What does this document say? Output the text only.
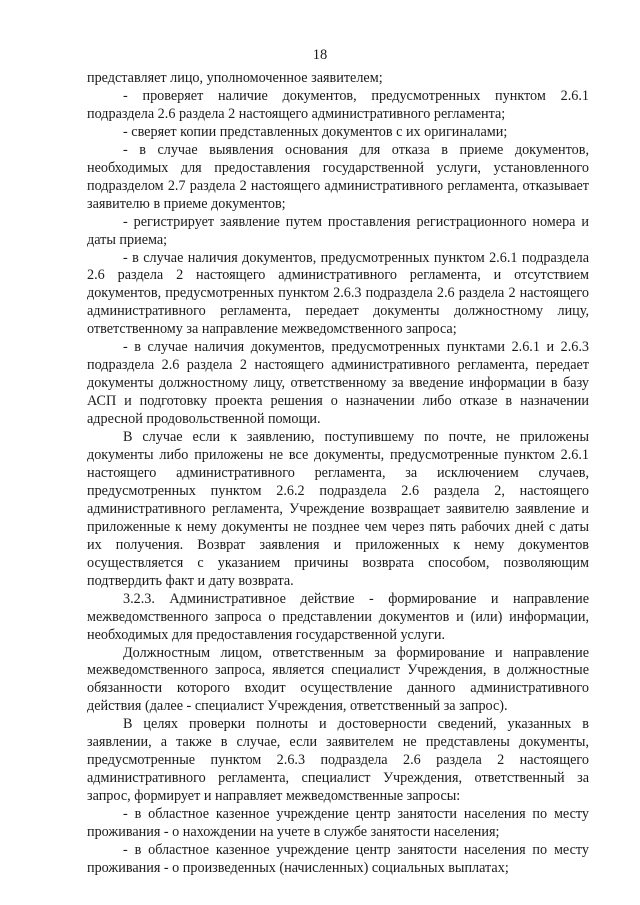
18

представляет лицо, уполномоченное заявителем;

- проверяет наличие документов, предусмотренных пунктом 2.6.1 подраздела 2.6 раздела 2 настоящего административного регламента;

- сверяет копии представленных документов с их оригиналами;

- в случае выявления основания для отказа в приеме документов, необходимых для предоставления государственной услуги, установленного подразделом 2.7 раздела 2 настоящего административного регламента, отказывает заявителю в приеме документов;

- регистрирует заявление путем проставления регистрационного номера и даты приема;

- в случае наличия документов, предусмотренных пунктом 2.6.1 подраздела 2.6 раздела 2 настоящего административного регламента, и отсутствием документов, предусмотренных пунктом 2.6.3 подраздела 2.6 раздела 2 настоящего административного регламента, передает документы должностному лицу, ответственному за направление межведомственного запроса;

- в случае наличия документов, предусмотренных пунктами 2.6.1 и 2.6.3 подраздела 2.6 раздела 2 настоящего административного регламента, передает документы должностному лицу, ответственному за введение информации в базу АСП и подготовку проекта решения о назначении либо отказе в назначении адресной продовольственной помощи.

В случае если к заявлению, поступившему по почте, не приложены документы либо приложены не все документы, предусмотренные пунктом 2.6.1 настоящего административного регламента, за исключением случаев, предусмотренных пунктом 2.6.2 подраздела 2.6 раздела 2, настоящего административного регламента, Учреждение возвращает заявителю заявление и приложенные к нему документы не позднее чем через пять рабочих дней с даты их получения. Возврат заявления и приложенных к нему документов осуществляется с указанием причины возврата способом, позволяющим подтвердить факт и дату возврата.

3.2.3. Административное действие - формирование и направление межведомственного запроса о представлении документов и (или) информации, необходимых для предоставления государственной услуги.

Должностным лицом, ответственным за формирование и направление межведомственного запроса, является специалист Учреждения, в должностные обязанности которого входит осуществление данного административного действия (далее - специалист Учреждения, ответственный за запрос).

В целях проверки полноты и достоверности сведений, указанных в заявлении, а также в случае, если заявителем не представлены документы, предусмотренные пунктом 2.6.3 подраздела 2.6 раздела 2 настоящего административного регламента, специалист Учреждения, ответственный за запрос, формирует и направляет межведомственные запросы:

- в областное казенное учреждение центр занятости населения по месту проживания - о нахождении на учете в службе занятости населения;

- в областное казенное учреждение центр занятости населения по месту проживания - о произведенных (начисленных) социальных выплатах;
